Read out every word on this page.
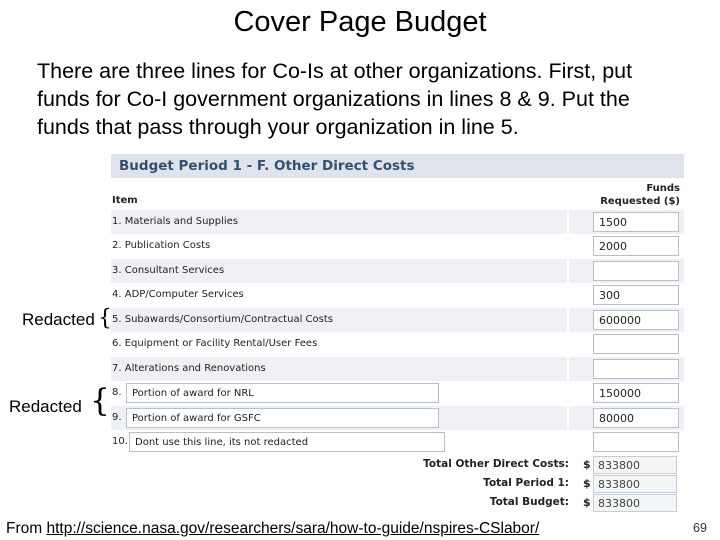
Cover Page Budget
There are three lines for Co-Is at other organizations. First, put funds for Co-I government organizations in lines 8 & 9. Put the funds that pass through your organization in line 5.
Budget Period 1 - F. Other Direct Costs
Item
Funds
Requested ($)
1. Materials and Supplies	1500
2. Publication Costs	2000
3. Consultant Services
4. ADP/Computer Services	300
5. Subawards/Consortium/Contractual Costs	600000
6. Equipment or Facility Rental/User Fees
7. Alterations and Renovations
8.	Portion of award for NRL	150000
9.	Portion of award for GSFC	80000
10. Dont use this line, its not redacted
Total Other Direct Costs: $ 833800
Total Period 1: $ 833800
Total Budget: $ 833800
Redacted {
Redacted {
From http://science.nasa.gov/researchers/sara/how-to-guide/nspires-CSlabor/	69
